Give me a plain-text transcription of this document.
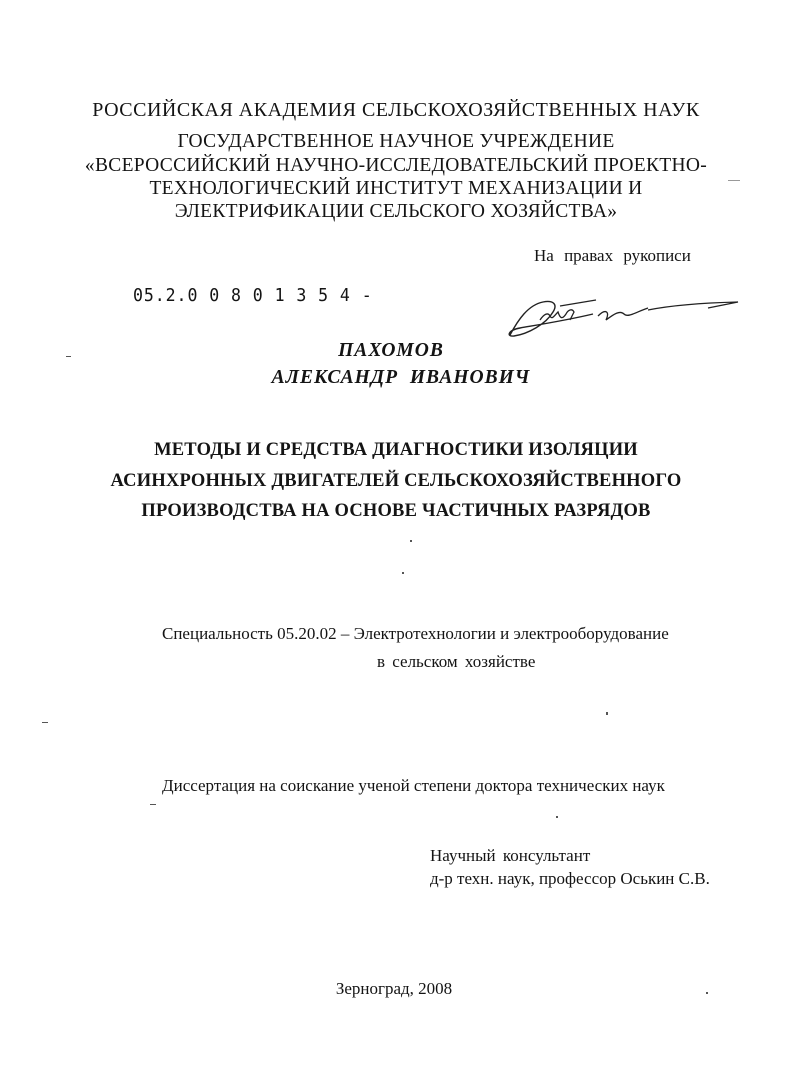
РОССИЙСКАЯ АКАДЕМИЯ СЕЛЬСКОХОЗЯЙСТВЕННЫХ НАУК
ГОСУДАРСТВЕННОЕ НАУЧНОЕ УЧРЕЖДЕНИЕ
«ВСЕРОССИЙСКИЙ НАУЧНО-ИССЛЕДОВАТЕЛЬСКИЙ ПРОЕКТНО-
ТЕХНОЛОГИЧЕСКИЙ ИНСТИТУТ МЕХАНИЗАЦИИ И
ЭЛЕКТРИФИКАЦИИ СЕЛЬСКОГО ХОЗЯЙСТВА»
На правах рукописи
05.2.0 0 8 0 1 3 5 4 -
ПАХОМОВ
АЛЕКСАНДР ИВАНОВИЧ
МЕТОДЫ И СРЕДСТВА ДИАГНОСТИКИ ИЗОЛЯЦИИ
АСИНХРОННЫХ ДВИГАТЕЛЕЙ СЕЛЬСКОХОЗЯЙСТВЕННОГО
ПРОИЗВОДСТВА НА ОСНОВЕ ЧАСТИЧНЫХ РАЗРЯДОВ
Специальность 05.20.02 – Электротехнологии и электрооборудование
в сельском хозяйстве
Диссертация на соискание ученой степени доктора технических наук
Научный консультант
д-р техн. наук, профессор Оськин С.В.
Зерноград, 2008
